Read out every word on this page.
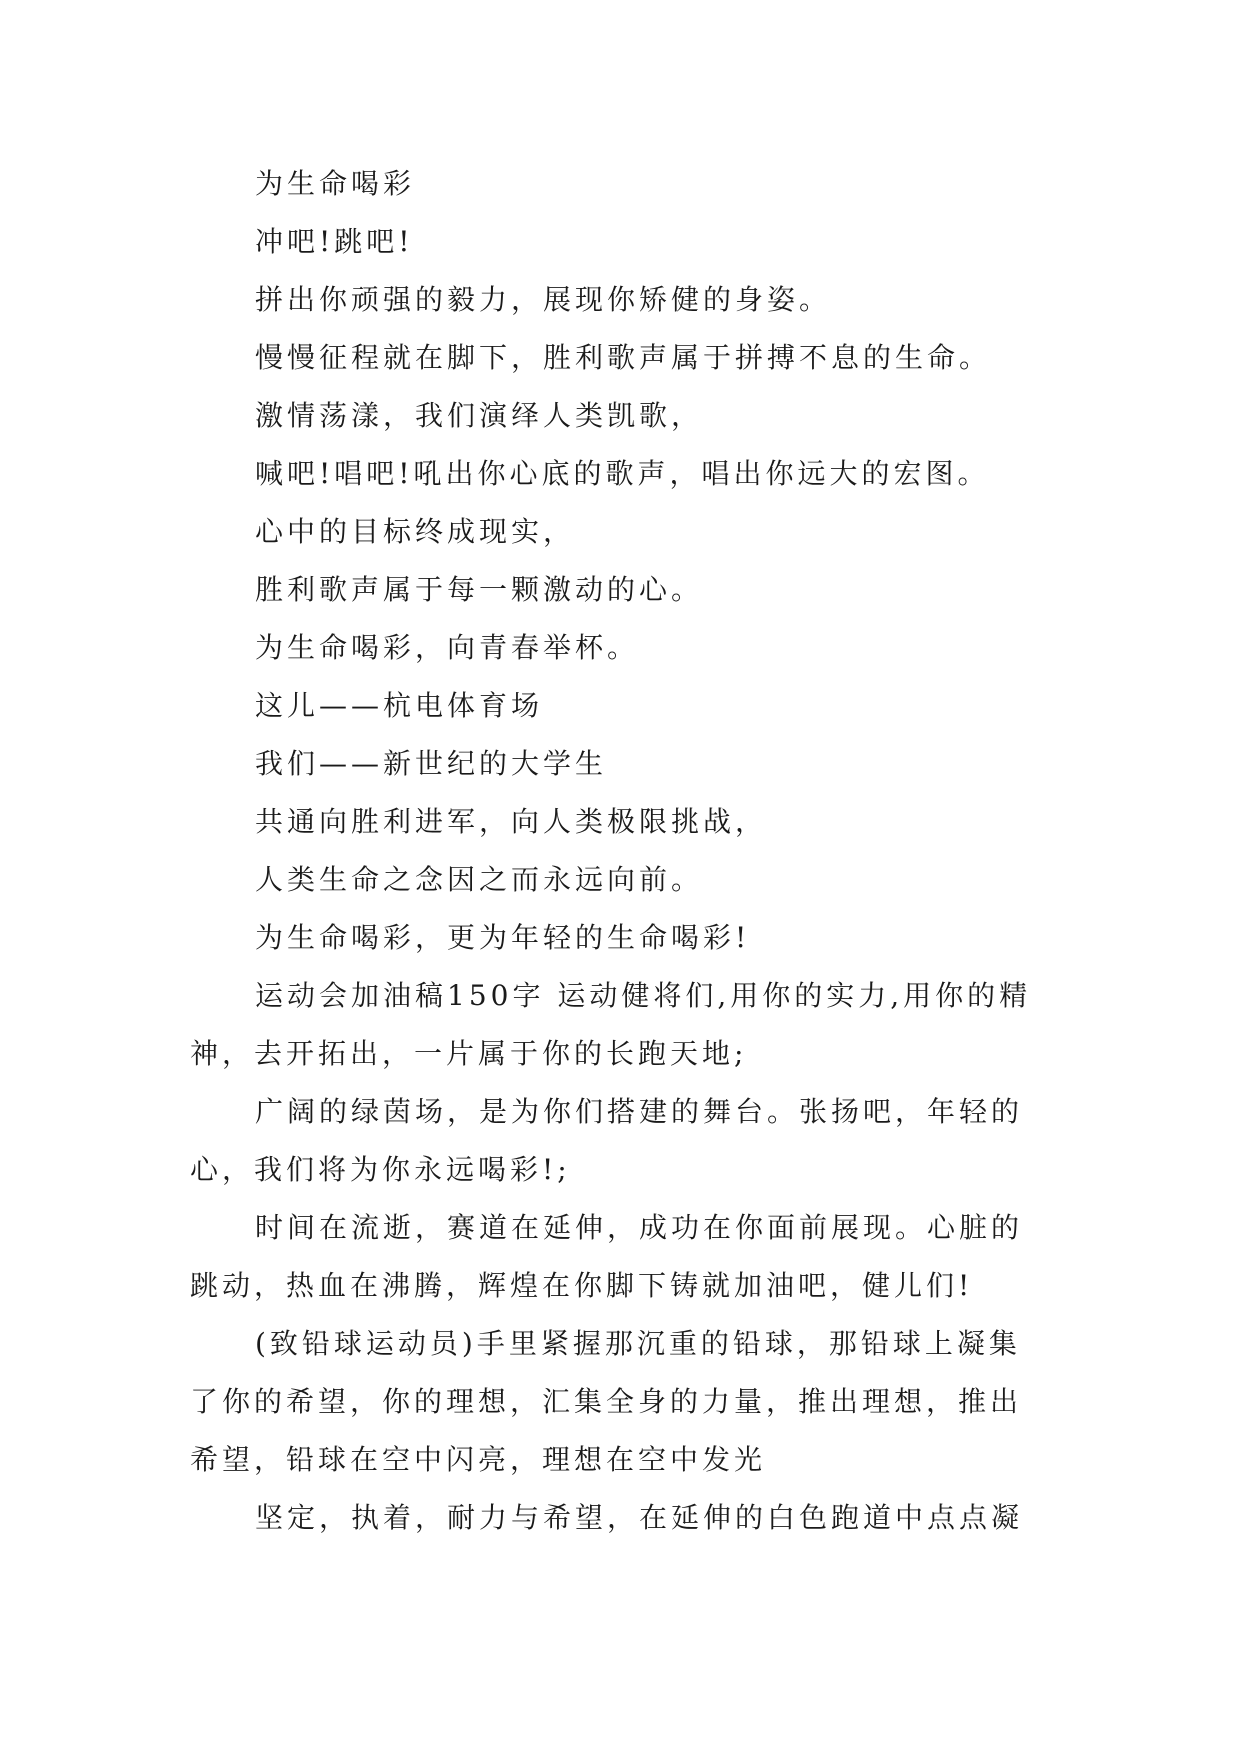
为生命喝彩

冲吧!跳吧!

拼出你顽强的毅力，展现你矫健的身姿。

慢慢征程就在脚下，胜利歌声属于拼搏不息的生命。

激情荡漾，我们演绎人类凯歌，

喊吧!唱吧!吼出你心底的歌声，唱出你远大的宏图。

心中的目标终成现实，

胜利歌声属于每一颗激动的心。

为生命喝彩，向青春举杯。

这儿——杭电体育场

我们——新世纪的大学生

共通向胜利进军，向人类极限挑战，

人类生命之念因之而永远向前。

为生命喝彩，更为年轻的生命喝彩!

运动会加油稿150字 运动健将们,用你的实力,用你的精神，去开拓出，一片属于你的长跑天地;

广阔的绿茵场，是为你们搭建的舞台。张扬吧，年轻的心，我们将为你永远喝彩!;

时间在流逝，赛道在延伸，成功在你面前展现。心脏的跳动，热血在沸腾，辉煌在你脚下铸就加油吧，健儿们!

(致铅球运动员)手里紧握那沉重的铅球，那铅球上凝集了你的希望，你的理想，汇集全身的力量，推出理想，推出希望，铅球在空中闪亮，理想在空中发光

坚定，执着，耐力与希望，在延伸的白色跑道中点点凝
